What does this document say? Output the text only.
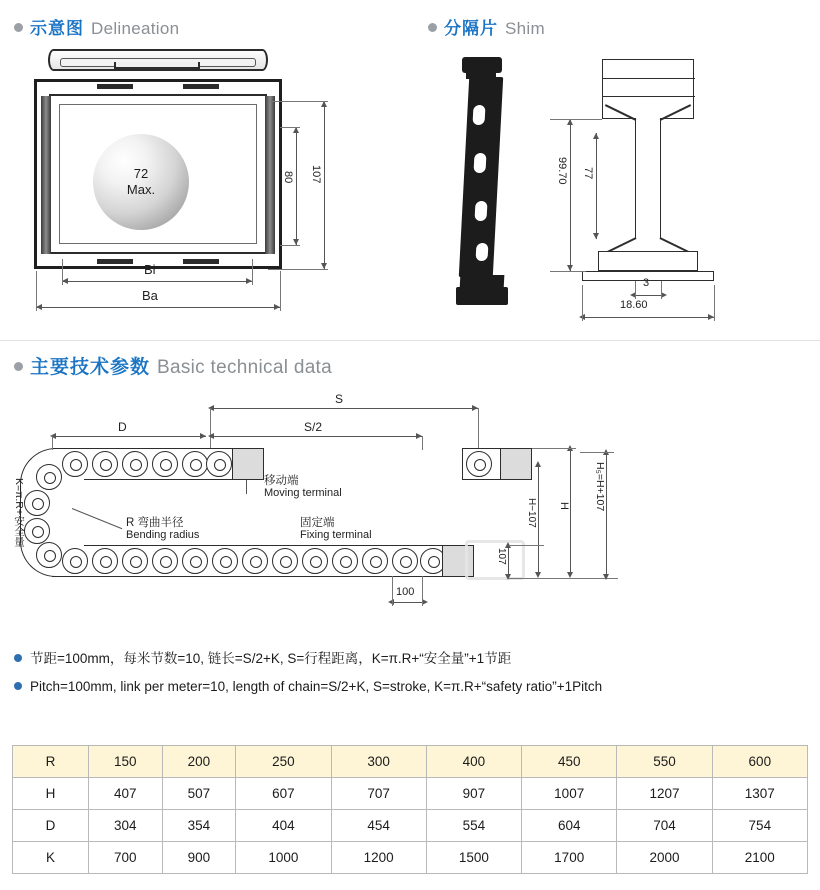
示意图 Delineation	分隔片 Shim
72
Max.
80 107
Bi
Ba
99.70 77
3
18.60
主要技术参数 Basic technical data
S
S/2
D
K=π.R+安全量	R 弯曲半径
Bending radius
移动端
Moving terminal
固定端
Fixing terminal
100
107
H−107 H H₅=H+107
节距=100mm，每米节数=10, 链长=S/2+K, S=行程距离，K=π.R+“安全量”+1节距
Pitch=100mm, link per meter=10, length of chain=S/2+K, S=stroke, K=π.R+“safety ratio”+1Pitch
R	150	200	250	300	400	450	550	600
H	407	507	607	707	907	1007	1207	1307
D	304	354	404	454	554	604	704	754
K	700	900	1000	1200	1500	1700	2000	2100
